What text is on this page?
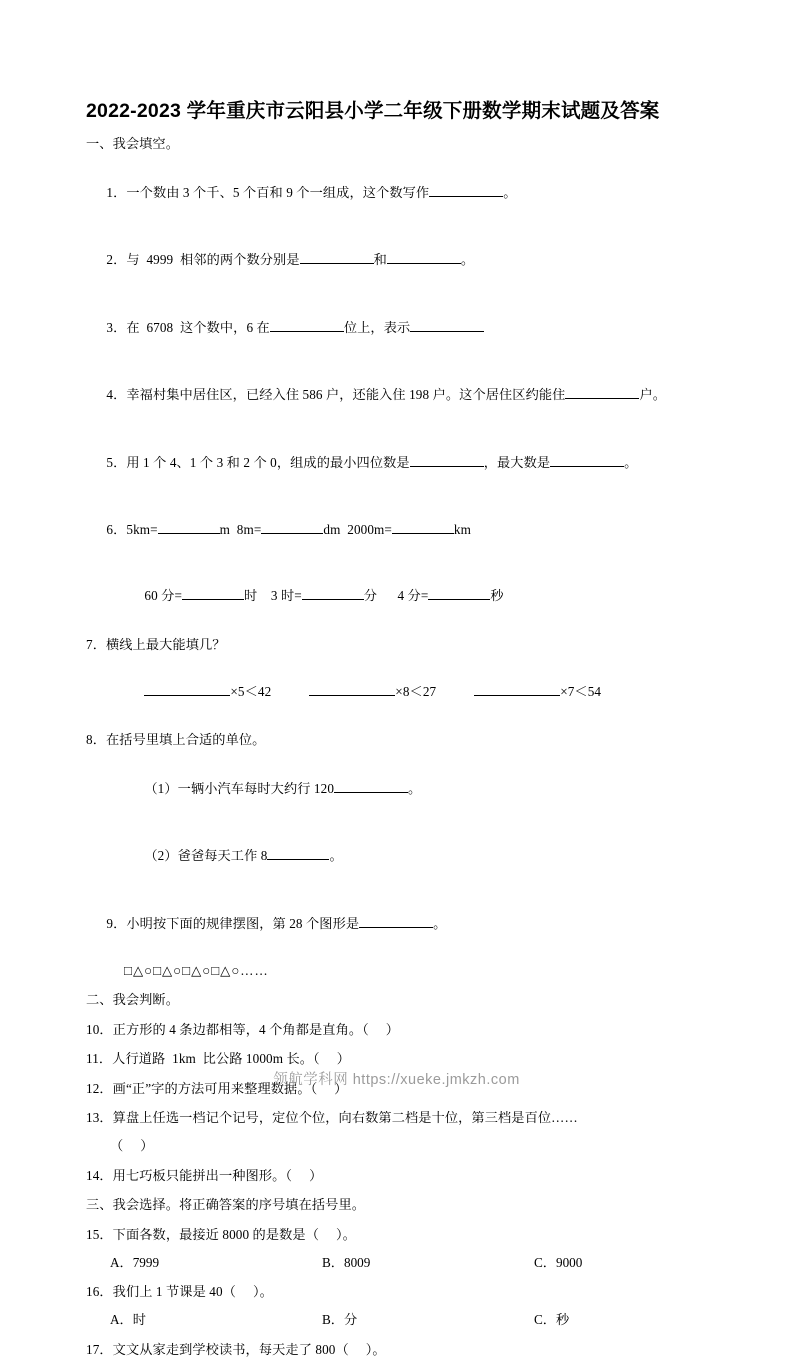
2022-2023 学年重庆市云阳县小学二年级下册数学期末试题及答案
一、我会填空。

1．一个数由 3 个千、5 个百和 9 个一组成，这个数写作	。

2．与  4999  相邻的两个数分别是	和	。

3．在  6708  这个数中，6 在	位上，表示

4．幸福村集中居住区，已经入住 586 户，还能入住 198 户。这个居住区约能住	户。

5．用 1 个 4、1 个 3 和 2 个 0，组成的最小四位数是	，最大数是	。

6．5km=	m  8m=	dm  2000m=	km

60 分=	时    3 时=	分      4 分=	秒

7．横线上最大能填几？

×5＜42	×8＜27	×7＜54

8．在括号里填上合适的单位。

（1）一辆小汽车每时大约行 120	。

（2）爸爸每天工作 8	。

9．小明按下面的规律摆图，第 28 个图形是	。

□△○□△○□△○□△○……
二、我会判断。
10．正方形的 4 条边都相等，4 个角都是直角。（     ）
11．人行道路  1km  比公路 1000m 长。（     ）
12．画“正”字的方法可用来整理数据。（     ）
13．算盘上任选一档记个记号，定位个位，向右数第二档是十位，第三档是百位……
（     ）
14．用七巧板只能拼出一种图形。（     ）
三、我会选择。将正确答案的序号填在括号里。
15．下面各数，最接近 8000 的是数是（     ）。
A．7999	B．8009	C．9000
16．我们上 1 节课是 40（     ）。
A．时	B．分	C．秒
17．文文从家走到学校读书，每天走了 800（     ）。
领航学科网 https://xueke.jmkzh.com
